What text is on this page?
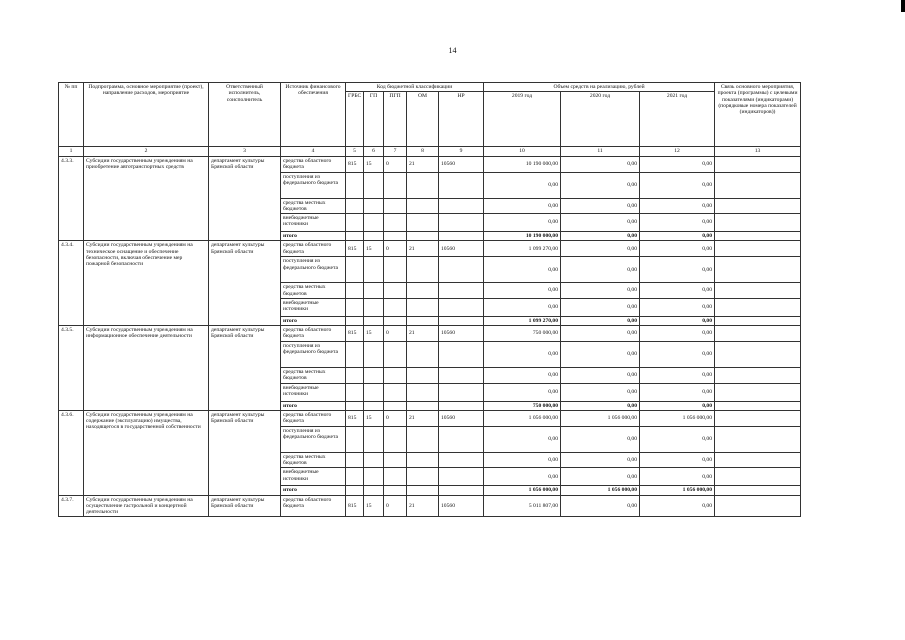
14
№ пп	Подпрограмма, основное мероприятие (проект), направление расходов, мероприятие	Ответственный исполнитель, соисполнитель	Источник финансового обеспечения	Код бюджетной классификации					Объем средств на реализацию, рублей			Связь основного мероприятия, проекта (программы) с целевыми показателями (индикаторами) (порядковые номера показателей (индикаторов))
				ГРБС	ГП	ПГП	ОМ	НР	2019 год	2020 год	2021 год	
1	2	3	4	5	6	7	8	9	10	11	12	13
4.3.3.	Субсидии государственным учреждениям на приобретение автотранспортных средств	департамент культуры Брянской области	средства областного бюджета	815	15	0	21	10560	10 190 000,00	0,00	0,00	
			поступления из федерального бюджета						0,00	0,00	0,00	
			средства местных бюджетов						0,00	0,00	0,00	
			внебюджетные источники						0,00	0,00	0,00	
			итого						10 190 000,00	0,00	0,00	
4.3.4.	Субсидии государственным учреждениям на техническое оснащение и обеспечение безопасности, включая обеспечение мер пожарной безопасности	департамент культуры Брянской области	средства областного бюджета	815	15	0	21	10560	1 099 270,00	0,00	0,00	
			поступления из федерального бюджета						0,00	0,00	0,00	
			средства местных бюджетов						0,00	0,00	0,00	
			внебюджетные источники						0,00	0,00	0,00	
			итого						1 099 270,00	0,00	0,00	
4.3.5.	Субсидии государственным учреждениям на информационное обеспечение деятельности	департамент культуры Брянской области	средства областного бюджета	815	15	0	21	10560	750 000,00	0,00	0,00	
			поступления из федерального бюджета						0,00	0,00	0,00	
			средства местных бюджетов						0,00	0,00	0,00	
			внебюджетные источники						0,00	0,00	0,00	
			итого						750 000,00	0,00	0,00	
4.3.6.	Субсидии государственным учреждениям на содержание (эксплуатацию) имущества, находящегося в государственной собственности	департамент культуры Брянской области	средства областного бюджета	815	15	0	21	10560	1 056 000,00	1 056 000,00	1 056 000,00	
			поступления из федерального бюджета						0,00	0,00	0,00	
			средства местных бюджетов						0,00	0,00	0,00	
			внебюджетные источники						0,00	0,00	0,00	
			итого						1 056 000,00	1 056 000,00	1 056 000,00	
4.3.7.	Субсидии государственным учреждениям на осуществление гастрольной и концертной деятельности	департамент культуры Брянской области	средства областного бюджета	815	15	0	21	10560	5 011 807,00	0,00	0,00	
